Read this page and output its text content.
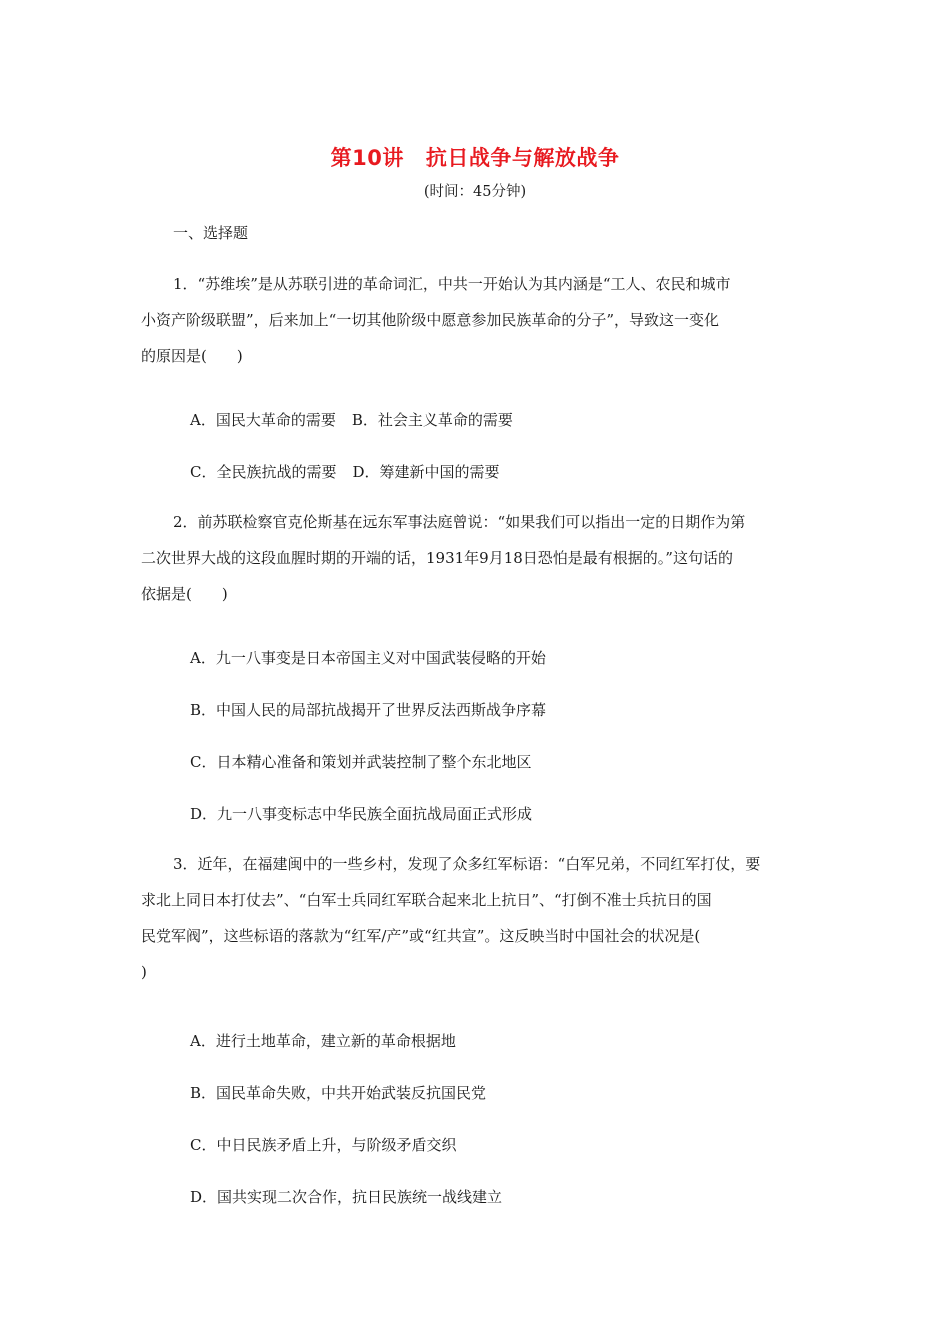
第10讲 抗日战争与解放战争
(时间：45分钟)
一、选择题

1．“苏维埃”是从苏联引进的革命词汇，中共一开始认为其内涵是“工人、农民和城市

小资产阶级联盟”，后来加上“一切其他阶级中愿意参加民族革命的分子”，导致这一变化

的原因是(　　)

A．国民大革命的需要 B．社会主义革命的需要
C．全民族抗战的需要 D．筹建新中国的需要

2．前苏联检察官克伦斯基在远东军事法庭曾说：“如果我们可以指出一定的日期作为第

二次世界大战的这段血腥时期的开端的话，1931年9月18日恐怕是最有根据的。”这句话的

依据是(　　)

A．九一八事变是日本帝国主义对中国武装侵略的开始
B．中国人民的局部抗战揭开了世界反法西斯战争序幕
C．日本精心准备和策划并武装控制了整个东北地区
D．九一八事变标志中华民族全面抗战局面正式形成

3．近年，在福建闽中的一些乡村，发现了众多红军标语：“白军兄弟，不同红军打仗，要

求北上同日本打仗去”、“白军士兵同红军联合起来北上抗日”、“打倒不准士兵抗日的国

民党军阀”，这些标语的落款为“红军/产”或“红共宣”。这反映当时中国社会的状况是(

)

A．进行土地革命，建立新的革命根据地
B．国民革命失败，中共开始武装反抗国民党
C．中日民族矛盾上升，与阶级矛盾交织
D．国共实现二次合作，抗日民族统一战线建立
